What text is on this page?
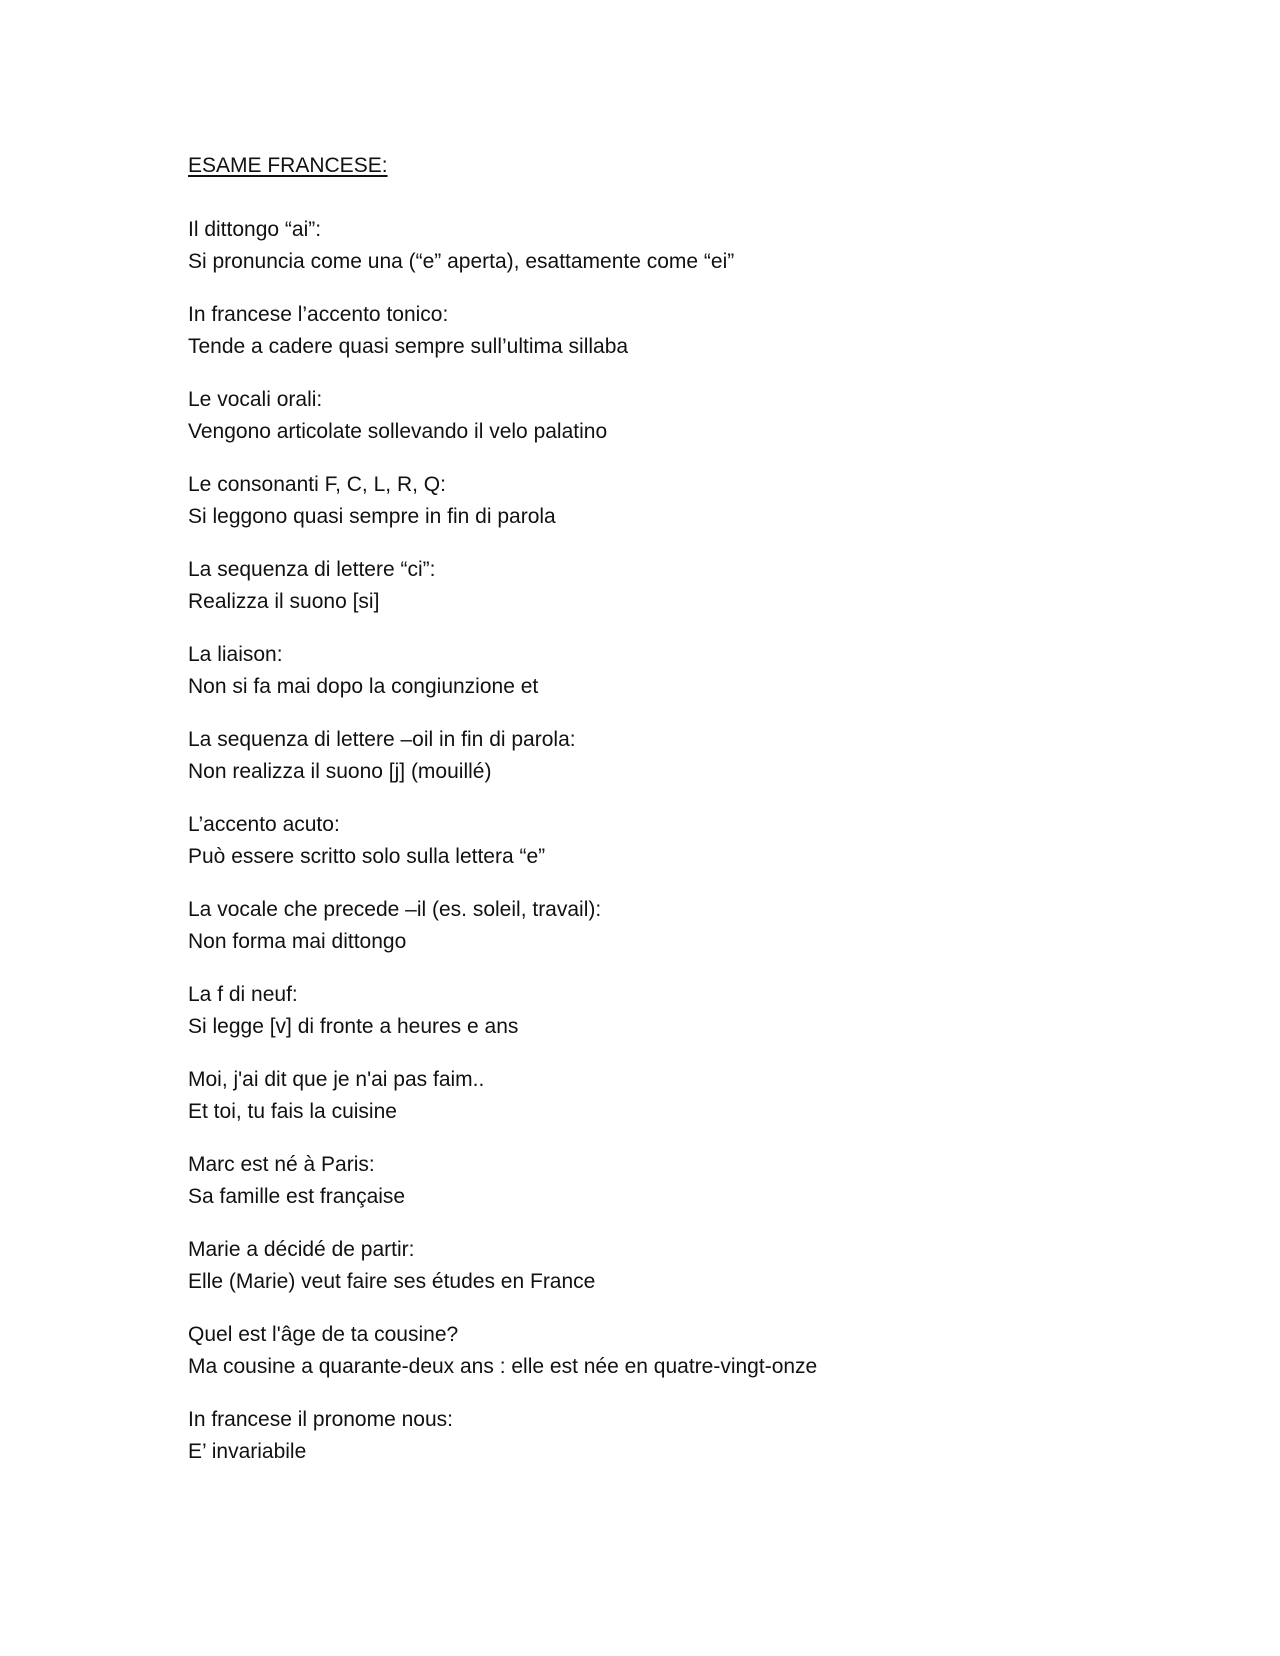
ESAME FRANCESE:

Il dittongo “ai”:

Si pronuncia come una (“e” aperta), esattamente come “ei”

In francese l’accento tonico:

Tende a cadere quasi sempre sull’ultima sillaba

Le vocali orali:

Vengono articolate sollevando il velo palatino

Le consonanti F, C, L, R, Q:

Si leggono quasi sempre in fin di parola

La sequenza di lettere “ci”:

Realizza il suono [si]

La liaison:

Non si fa mai dopo la congiunzione et

La sequenza di lettere –oil in fin di parola:

Non realizza il suono [j] (mouillé)

L’accento acuto:

Può essere scritto solo sulla lettera “e”

La vocale che precede –il (es. soleil, travail):

Non forma mai dittongo

La f di neuf:

Si legge [v] di fronte a heures e ans

Moi, j'ai dit que je n'ai pas faim..

Et toi, tu fais la cuisine

Marc est né à Paris:

Sa famille est française

Marie a décidé de partir:

Elle (Marie) veut faire ses études en France

Quel est l'âge de ta cousine?

Ma cousine a quarante-deux ans : elle est née en quatre-vingt-onze

In francese il pronome nous:

E’ invariabile
